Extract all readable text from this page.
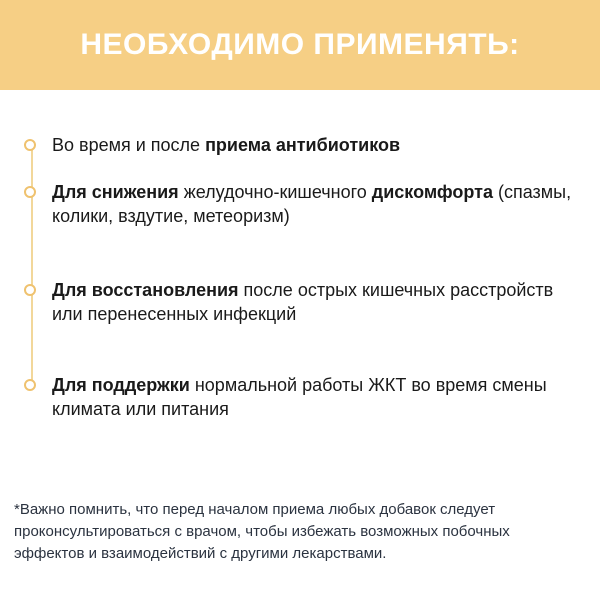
НЕОБХОДИМО ПРИМЕНЯТЬ:

Во время и после приема антибиотиков

Для снижения желудочно-кишечного дискомфорта (спазмы, колики, вздутие, метеоризм)

Для восстановления после острых кишечных расстройств или перенесенных инфекций

Для поддержки нормальной работы ЖКТ во время смены климата или питания

*Важно помнить, что перед началом приема любых добавок следует проконсультироваться с врачом, чтобы избежать возможных побочных эффектов и взаимодействий с другими лекарствами.
